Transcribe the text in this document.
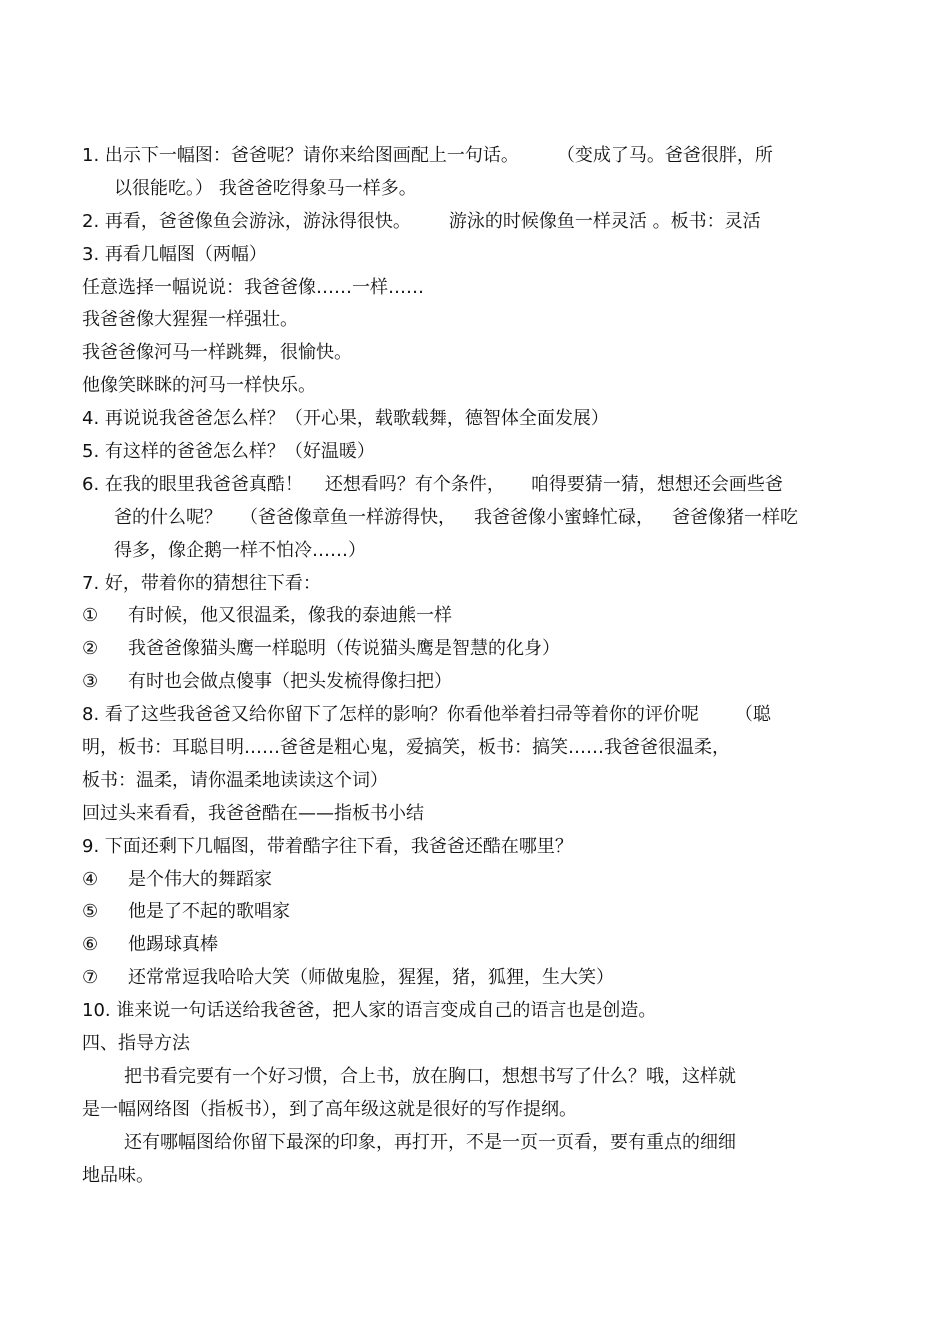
1. 出示下一幅图：爸爸呢？请你来给图画配上一句话。 （变成了马。爸爸很胖，所
以很能吃。） 我爸爸吃得象马一样多。
2. 再看，爸爸像鱼会游泳，游泳得很快。 游泳的时候像鱼一样灵活 。板书：灵活
3. 再看几幅图（两幅）
任意选择一幅说说：我爸爸像……一样……
我爸爸像大猩猩一样强壮。
我爸爸像河马一样跳舞，很愉快。
他像笑眯眯的河马一样快乐。
4. 再说说我爸爸怎么样？（开心果，载歌载舞，德智体全面发展）
5. 有这样的爸爸怎么样？（好温暖）
6. 在我的眼里我爸爸真酷！ 还想看吗？有个条件， 咱得要猜一猜，想想还会画些爸
爸的什么呢？ （爸爸像章鱼一样游得快， 我爸爸像小蜜蜂忙碌， 爸爸像猪一样吃
得多，像企鹅一样不怕冷……）
7. 好，带着你的猜想往下看：
① 有时候，他又很温柔，像我的泰迪熊一样
② 我爸爸像猫头鹰一样聪明（传说猫头鹰是智慧的化身）
③ 有时也会做点傻事（把头发梳得像扫把）
8. 看了这些我爸爸又给你留下了怎样的影响？你看他举着扫帚等着你的评价呢 （聪
明，板书：耳聪目明……爸爸是粗心鬼，爱搞笑，板书：搞笑……我爸爸很温柔，
板书：温柔，请你温柔地读读这个词）
回过头来看看，我爸爸酷在——指板书小结
9. 下面还剩下几幅图，带着酷字往下看，我爸爸还酷在哪里？
④ 是个伟大的舞蹈家
⑤ 他是了不起的歌唱家
⑥ 他踢球真棒
⑦ 还常常逗我哈哈大笑（师做鬼脸，猩猩，猪，狐狸，生大笑）
10. 谁来说一句话送给我爸爸，把人家的语言变成自己的语言也是创造。
四、指导方法
把书看完要有一个好习惯，合上书，放在胸口，想想书写了什么？哦，这样就
是一幅网络图（指板书），到了高年级这就是很好的写作提纲。
还有哪幅图给你留下最深的印象，再打开，不是一页一页看，要有重点的细细
地品味。
